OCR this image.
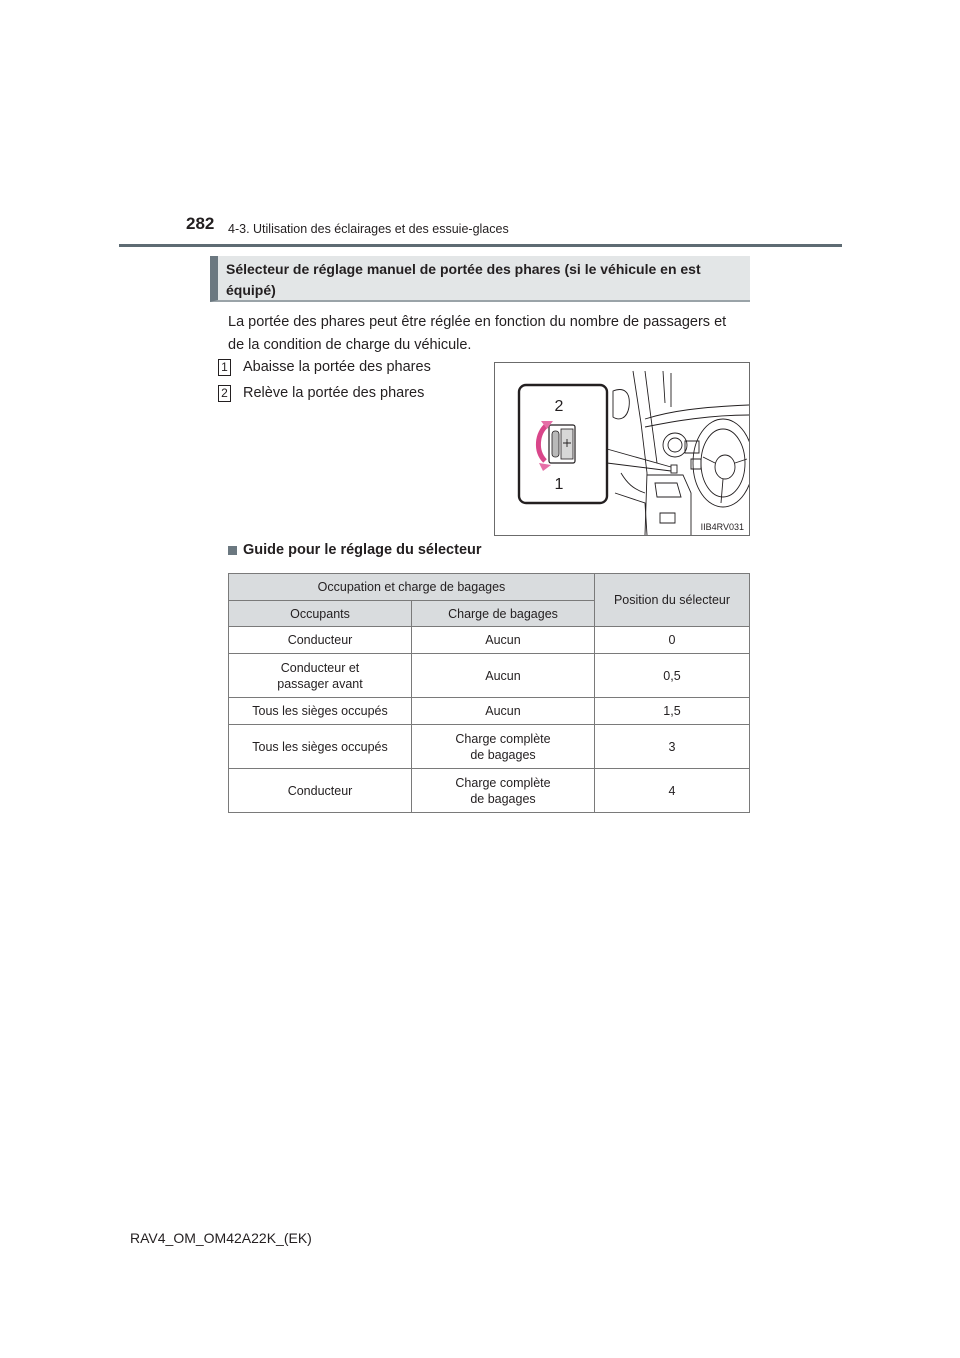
282 4-3. Utilisation des éclairages et des essuie-glaces
Sélecteur de réglage manuel de portée des phares (si le véhicule en est équipé)
La portée des phares peut être réglée en fonction du nombre de passagers et
de la condition de charge du véhicule.
1 Abaisse la portée des phares
2 Relève la portée des phares
2
1
IIB4RV031
Guide pour le réglage du sélecteur
Occupation et charge de bagages		Position du sélecteur
Occupants	Charge de bagages	
Conducteur	Aucun	0

Conducteur et
passager avant	Aucun	0,5
Tous les sièges occupés	Aucun	1,5
Tous les sièges occupés	Charge complète
de bagages	3
Conducteur	Charge complète
de bagages	4
RAV4_OM_OM42A22K_(EK)
